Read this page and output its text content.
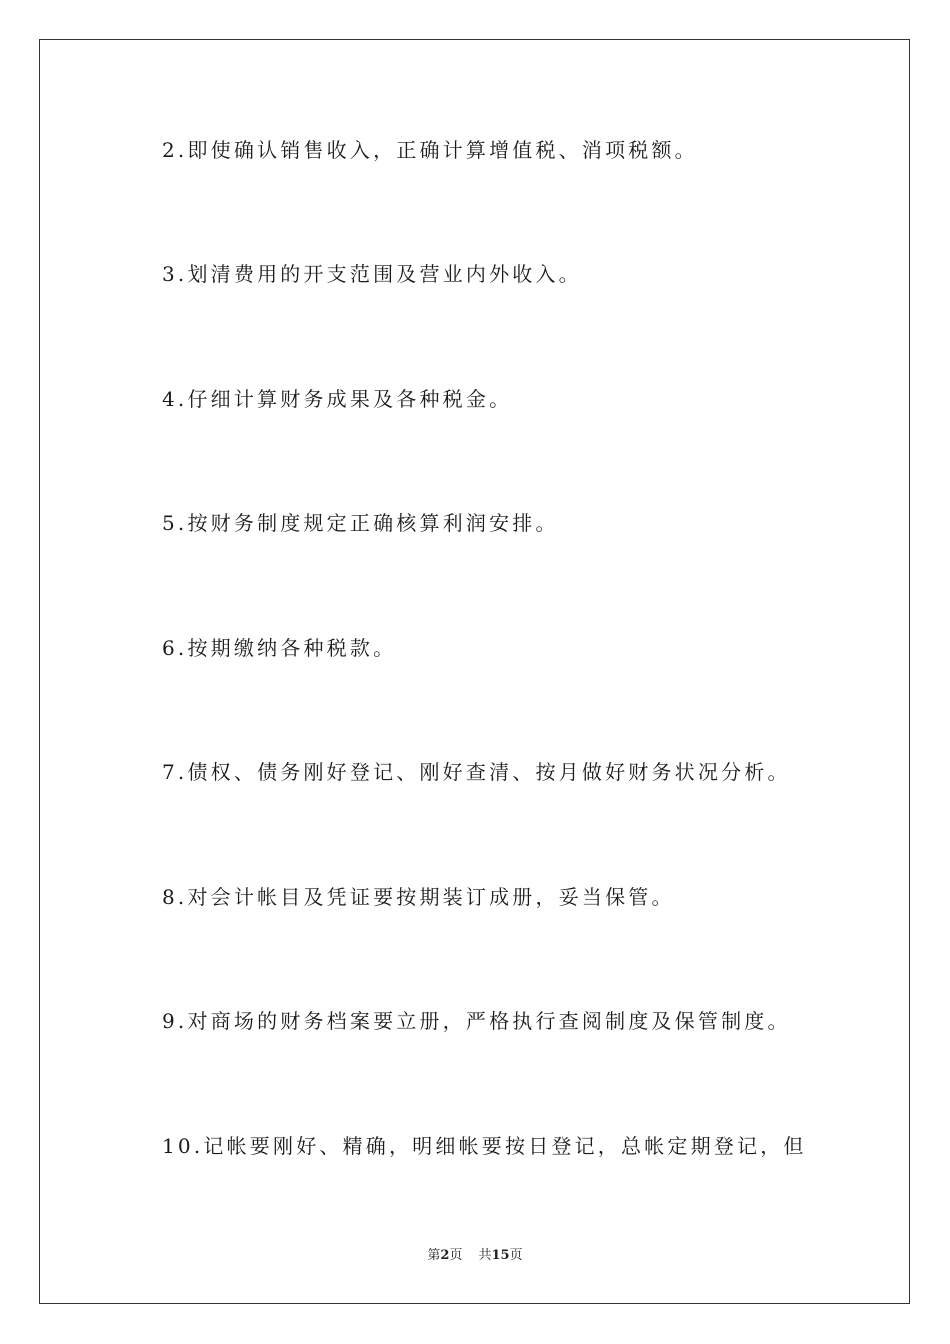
2.即使确认销售收入，正确计算增值税、消项税额。
3.划清费用的开支范围及营业内外收入。
4.仔细计算财务成果及各种税金。
5.按财务制度规定正确核算利润安排。
6.按期缴纳各种税款。
7.债权、债务刚好登记、刚好查清、按月做好财务状况分析。
8.对会计帐目及凭证要按期装订成册，妥当保管。
9.对商场的财务档案要立册，严格执行查阅制度及保管制度。
10.记帐要刚好、精确，明细帐要按日登记，总帐定期登记，但
第2页 共15页
